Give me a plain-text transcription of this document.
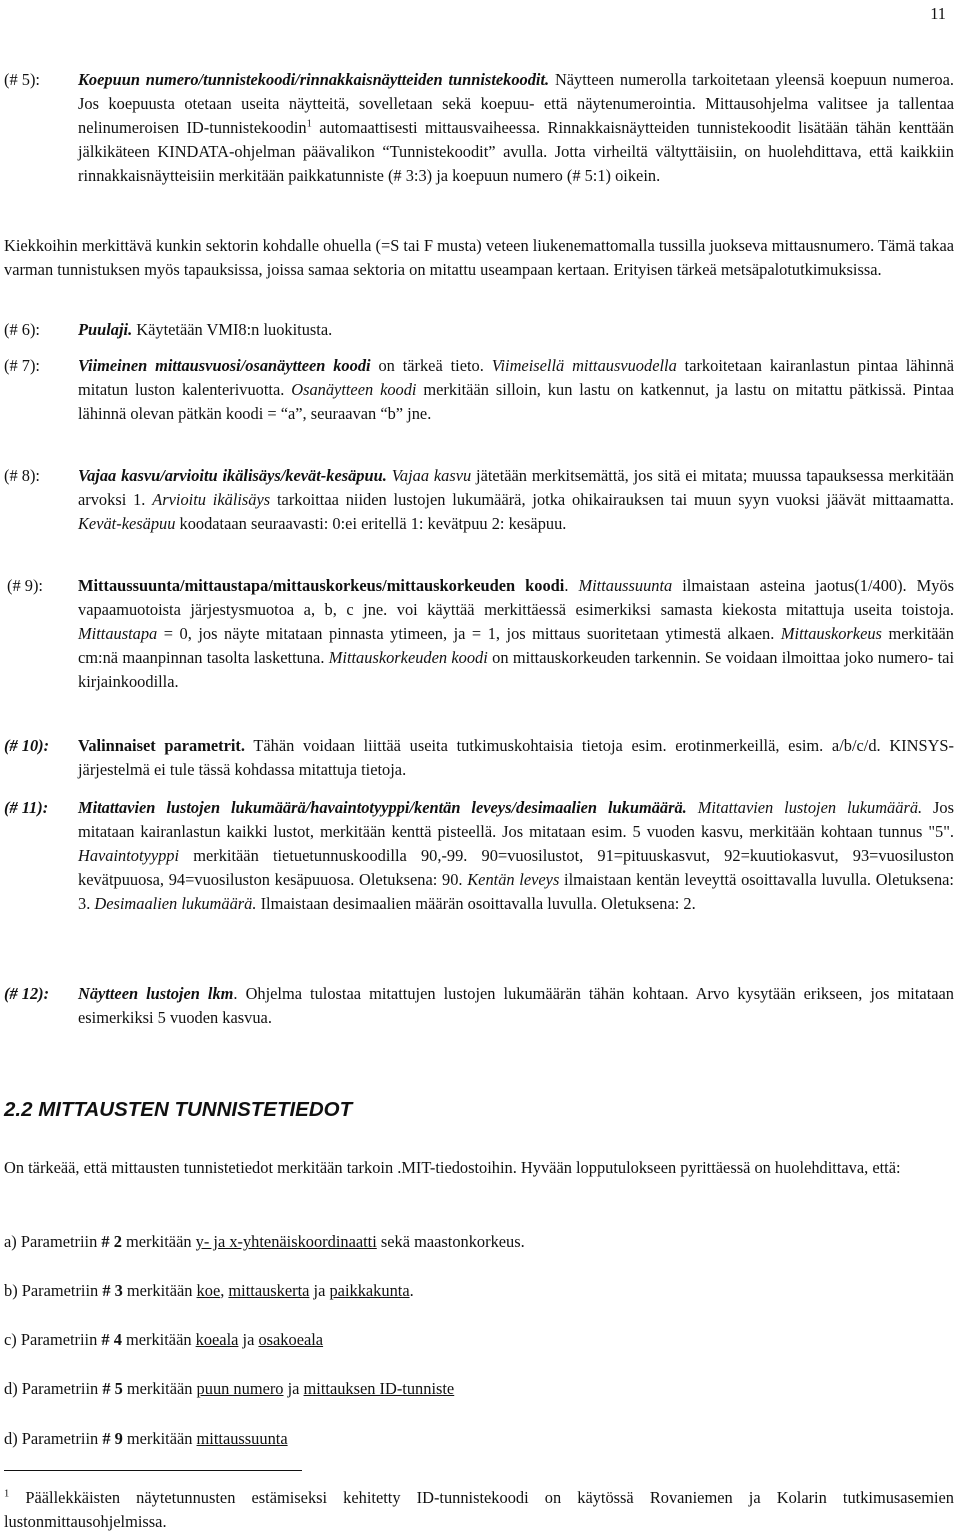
11
(# 5): Koepuun numero/tunnistekoodi/rinnakkaisnäytteiden tunnistekoodit. Näytteen numerolla tarkoitetaan yleensä koepuun numeroa. Jos koepuusta otetaan useita näytteitä, sovelletaan sekä koepuu- että näytenumerointia. Mittausohjelma valitsee ja tallentaa nelinumeroisen ID-tunnistekoodin$^1$ automaattisesti mittausvaiheessa. Rinnakkaisnäytteiden tunnistekoodit lisätään tähän kenttään jälkikäteen KINDATA-ohjelman päävalikon “Tunnistekoodit” avulla. Jotta virheiltä vältyttäisiin, on huolehdittava, että kaikkiin rinnakkaisnäytteisiin merkitään paikkatunniste (# 3:3) ja koepuun numero (# 5:1) oikein.
Kiekkoihin merkittävä kunkin sektorin kohdalle ohuella (=S tai F musta) veteen liukenemattomalla tussilla juokseva mittausnumero. Tämä takaa varman tunnistuksen myös tapauksissa, joissa samaa sektoria on mitattu useampaan kertaan. Erityisen tärkeä metsäpalotutkimuksissa.
(# 6): Puulaji. Käytetään VMI8:n luokitusta.
(# 7): Viimeinen mittausvuosi/osanäytteen koodi on tärkeä tieto. Viimeisellä mittausvuodella tarkoitetaan kairanlastun pintaa lähinnä mitatun luston kalenterivuotta. Osanäytteen koodi merkitään silloin, kun lastu on katkennut, ja lastu on mitattu pätkissä. Pintaa lähinnä olevan pätkän koodi = “a”, seuraavan “b” jne.
(# 8): Vajaa kasvu/arvioitu ikälisäys/kevät-kesäpuu. Vajaa kasvu jätetään merkitsemättä, jos sitä ei mitata; muussa tapauksessa merkitään arvoksi 1. Arvioitu ikälisäys tarkoittaa niiden lustojen lukumäärä, jotka ohikairauksen tai muun syyn vuoksi jäävät mittaamatta. Kevät-kesäpuu koodataan seuraavasti: 0:ei eritellä 1: kevätpuu 2: kesäpuu.
(# 9): Mittaussuunta/mittaustapa/mittauskorkeus/mittauskorkeuden koodi. Mittaussuunta ilmaistaan asteina jaotus(1/400). Myös vapaamuotoista järjestysmuotoa a, b, c jne. voi käyttää merkittäessä esimerkiksi samasta kiekosta mitattuja useita toistoja. Mittaustapa = 0, jos näyte mitataan pinnasta ytimeen, ja = 1, jos mittaus suoritetaan ytimestä alkaen. Mittauskorkeus merkitään cm:nä maanpinnan tasolta laskettuna. Mittauskorkeuden koodi on mittauskorkeuden tarkennin. Se voidaan ilmoittaa joko numero- tai kirjainkoodilla.
(# 10): Valinnaiset parametrit. Tähän voidaan liittää useita tutkimuskohtaisia tietoja esim. erotinmerkeillä, esim. a/b/c/d. KINSYS- järjestelmä ei tule tässä kohdassa mitattuja tietoja.
(# 11): Mitattavien lustojen lukumäärä/havaintotyyppi/kentän leveys/desimaalien lukumäärä. Mitattavien lustojen lukumäärä. Jos mitataan kairanlastun kaikki lustot, merkitään kenttä pisteellä. Jos mitataan esim. 5 vuoden kasvu, merkitään kohtaan tunnus "5". Havaintotyyppi merkitään tietuetunnuskoodilla 90,-99. 90=vuosilustot, 91=pituuskasvut, 92=kuutiokasvut, 93=vuosiluston kevätpuuosa, 94=vuosiluston kesäpuuosa. Oletuksena: 90. Kentän leveys ilmaistaan kentän leveyttä osoittavalla luvulla. Oletuksena: 3. Desimaalien lukumäärä. Ilmaistaan desimaalien määrän osoittavalla luvulla. Oletuksena: 2.
(# 12): Näytteen lustojen lkm. Ohjelma tulostaa mitattujen lustojen lukumäärän tähän kohtaan. Arvo kysytään erikseen, jos mitataan esimerkiksi 5 vuoden kasvua.
2.2 MITTAUSTEN TUNNISTETIEDOT
On tärkeää, että mittausten tunnistetiedot merkitään tarkoin .MIT-tiedostoihin. Hyvään lopputulokseen pyrittäessä on huolehdittava, että:
a) Parametriin # 2 merkitään y- ja x-yhtenäiskoordinaatti sekä maastonkorkeus.
b) Parametriin # 3 merkitään koe, mittauskerta ja paikkakunta.
c) Parametriin # 4 merkitään koeala ja osakoeala
d) Parametriin # 5 merkitään puun numero ja mittauksen ID-tunniste
d) Parametriin # 9 merkitään mittaussuunta
$^1$ Päällekkäisten näytetunnusten estämiseksi kehitetty ID-tunnistekoodi on käytössä Rovaniemen ja Kolarin tutkimusasemien lustonmittausohjelmissa.
